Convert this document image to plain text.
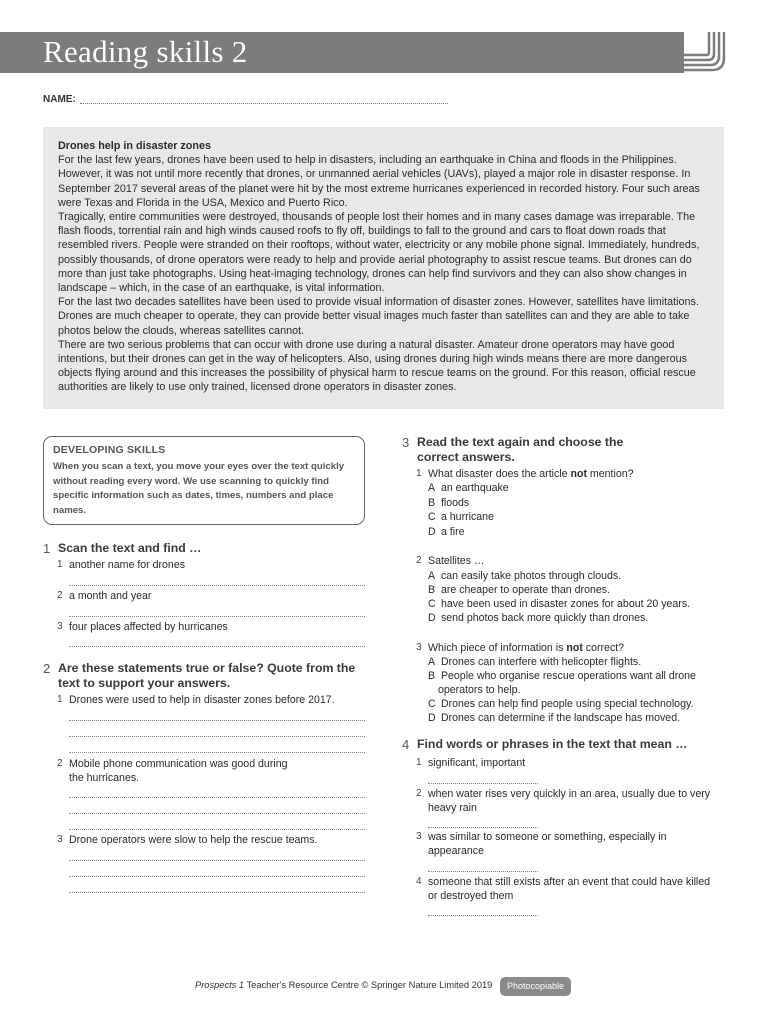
Reading skills 2
NAME:
Drones help in disaster zones

For the last few years, drones have been used to help in disasters, including an earthquake in China and floods in the Philippines. However, it was not until more recently that drones, or unmanned aerial vehicles (UAVs), played a major role in disaster response. In September 2017 several areas of the planet were hit by the most extreme hurricanes experienced in recorded history. Four such areas were Texas and Florida in the USA, Mexico and Puerto Rico.

Tragically, entire communities were destroyed, thousands of people lost their homes and in many cases damage was irreparable. The flash floods, torrential rain and high winds caused roofs to fly off, buildings to fall to the ground and cars to float down roads that resembled rivers. People were stranded on their rooftops, without water, electricity or any mobile phone signal. Immediately, hundreds, possibly thousands, of drone operators were ready to help and provide aerial photography to assist rescue teams. But drones can do more than just take photographs. Using heat-imaging technology, drones can help find survivors and they can also show changes in landscape – which, in the case of an earthquake, is vital information.

For the last two decades satellites have been used to provide visual information of disaster zones. However, satellites have limitations. Drones are much cheaper to operate, they can provide better visual images much faster than satellites can and they are able to take photos below the clouds, whereas satellites cannot.

There are two serious problems that can occur with drone use during a natural disaster. Amateur drone operators may have good intentions, but their drones can get in the way of helicopters. Also, using drones during high winds means there are more dangerous objects flying around and this increases the possibility of physical harm to rescue teams on the ground. For this reason, official rescue authorities are likely to use only trained, licensed drone operators in disaster zones.

DEVELOPING SKILLS
When you scan a text, you move your eyes over the text quickly without reading every word. We use scanning to quickly find specific information such as dates, times, numbers and place names.
1 Scan the text and find …
1 another name for drones
2 a month and year
3 four places affected by hurricanes
2 Are these statements true or false? Quote from the
text to support your answers.
1 Drones were used to help in disaster zones before 2017.
2 Mobile phone communication was good during
the hurricanes.
3 Drone operators were slow to help the rescue teams.
3 Read the text again and choose the
correct answers.
1 What disaster does the article not mention?
A an earthquake
B floods
C a hurricane
D a fire
2 Satellites …
A can easily take photos through clouds.
B are cheaper to operate than drones.
C have been used in disaster zones for about 20 years.
D send photos back more quickly than drones.
3 Which piece of information is not correct?
A Drones can interfere with helicopter flights.
B People who organise rescue operations want all drone
operators to help.
C Drones can help find people using special technology.
D Drones can determine if the landscape has moved.
4 Find words or phrases in the text that mean …
1 significant, important
2 when water rises very quickly in an area, usually due to very
heavy rain
3 was similar to someone or something, especially in
appearance
4 someone that still exists after an event that could have killed
or destroyed them
Prospects 1 Teacher's Resource Centre © Springer Nature Limited 2019	Photocopiable
